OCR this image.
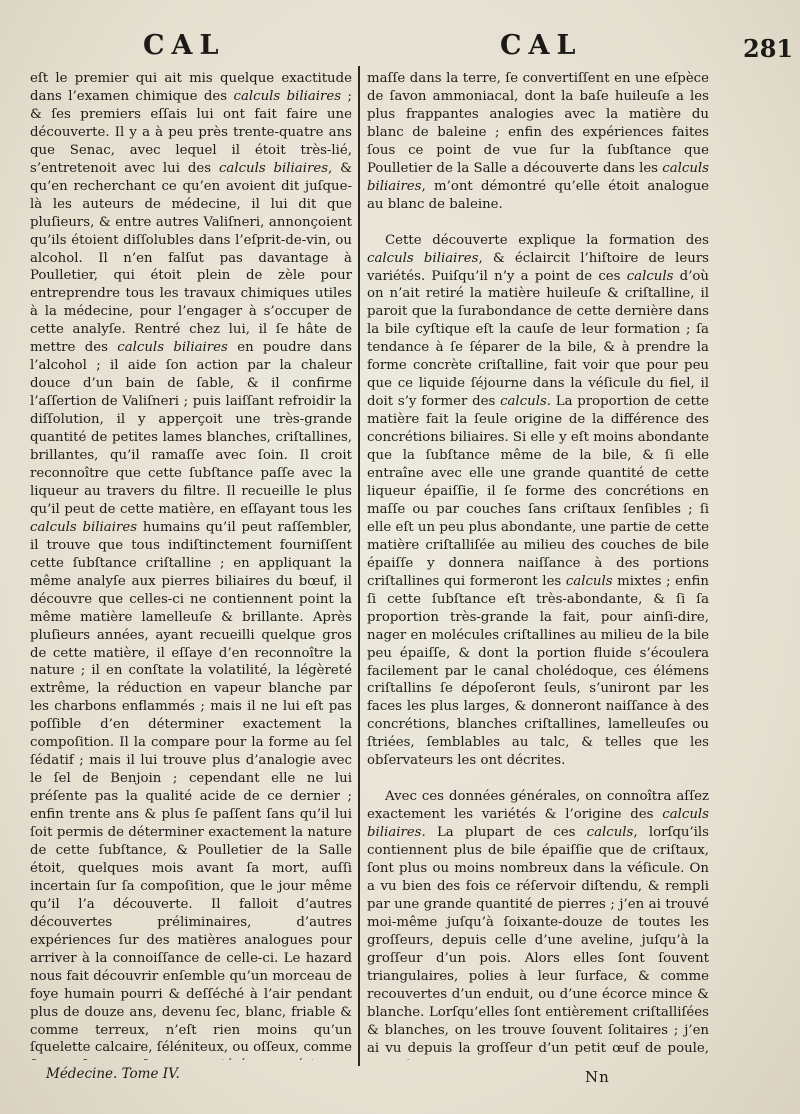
CAL	CAL	281

eſt le premier qui ait mis quelque exactitude dans l’examen chimique des calculs biliaires ; & ſes premiers eſſais lui ont fait faire une découverte. Il y a à peu près trente-quatre ans que Senac, avec lequel il étoit très-lié, s’entretenoit avec lui des calculs biliaires, & qu’en recherchant ce qu’en avoient dit juſque-là les auteurs de médecine, il lui dit que pluſieurs, & entre autres Valiſneri, annonçoient qu’ils étoient diſſolubles dans l’eſprit-de-vin, ou alcohol. Il n’en falſut pas davantage à Poulletier, qui étoit plein de zèle pour entreprendre tous les travaux chimiques utiles à la médecine, pour l’engager à s’occuper de cette analyſe. Rentré chez lui, il ſe hâte de mettre des calculs biliaires en poudre dans l’alcohol ; il aide ſon action par la chaleur douce d’un bain de ſable, & il confirme l’aſſertion de Valiſneri ; puis laiſſant refroidir la diſſolution, il y apperçoit une très-grande quantité de petites lames blanches, criſtallines, brillantes, qu’il ramaſſe avec ſoin. Il croit reconnoître que cette ſubſtance paſſe avec la liqueur au travers du filtre. Il recueille le plus qu’il peut de cette matière, en eſſayant tous les calculs biliaires humains qu’il peut raſſembler, il trouve que tous indiſtinctement fourniſſent cette ſubſtance criſtalline ; en appliquant la même analyſe aux pierres biliaires du bœuf, il découvre que celles-ci ne contiennent point la même matière lamelleuſe & brillante. Après pluſieurs années, ayant recueilli quelque gros de cette matière, il eſſaye d’en reconnoître la nature ; il en conſtate la volatilité, la légèreté extrême, la réduction en vapeur blanche par les charbons enflammés ; mais il ne lui eſt pas poſſible d’en déterminer exactement la compoſition. Il la compare pour la forme au ſel ſédatif ; mais il lui trouve plus d’analogie avec le ſel de Benjoin ; cependant elle ne lui préſente pas la qualité acide de ce dernier ; enfin trente ans & plus ſe paſſent ſans qu’il lui ſoit permis de déterminer exactement la nature de cette ſubſtance, & Poulletier de la Salle étoit, quelques mois avant ſa mort, auſſi incertain ſur ſa compoſition, que le jour même qu’il l’a découverte. Il falloit d’autres découvertes préliminaires, d’autres expériences ſur des matières analogues pour arriver à la connoiſſance de celle-ci. Le hazard nous fait découvrir enſemble qu’un morceau de foye humain pourri & deſſéché à l’air pendant plus de douze ans, devenu ſec, blanc, friable & comme terreux, n’eſt rien moins qu’un ſquelette calcaire, ſéléniteux, ou oſſeux, comme

maſſe dans la terre, ſe convertiſſent en une eſpèce de ſavon ammoniacal, dont la baſe huileuſe a les plus frappantes analogies avec la matière du blanc de baleine ; enfin des expériences faites ſous ce point de vue ſur la ſubſtance que Poulletier de la Salle a découverte dans les calculs biliaires, m’ont démontré qu’elle étoit analogue au blanc de baleine.

Cette découverte explique la formation des calculs biliaires, & éclaircit l’hiſtoire de leurs variétés. Puiſqu’il n’y a point de ces calculs d’où on n’ait retiré la matière huileuſe & criſtalline, il paroit que la ſurabondance de cette dernière dans la bile cyſtique eſt la cauſe de leur formation ; ſa tendance à ſe ſéparer de la bile, & à prendre la forme concrète criſtalline, fait voir que pour peu que ce liquide ſéjourne dans la véſicule du fiel, il doit s’y former des calculs. La proportion de cette matière fait la ſeule origine de la différence des concrétions biliaires. Si elle y eſt moins abondante que la ſubſtance même de la bile, & ſi elle entraîne avec elle une grande quantité de cette liqueur épaiſſie, il ſe forme des concrétions en maſſe ou par couches ſans criſtaux ſenſibles ; ſi elle eſt un peu plus abondante, une partie de cette matière criſtalliſée au milieu des couches de bile épaiſſe y donnera naiſſance à des portions criſtallines qui formeront les calculs mixtes ; enfin ſi cette ſubſtance eſt très-abondante, & ſi ſa proportion très-grande la fait, pour ainſi-dire, nager en molécules criſtallines au milieu de la bile peu épaiſſe, & dont la portion fluide s’écoulera facilement par le canal cholédoque, ces élémens criſtallins ſe dépoſeront ſeuls, s’uniront par les faces les plus larges, & donneront naiſſance à des concrétions, blanches criſtallines, lamelleuſes ou ſtriées, ſemblables au talc, & telles que les obſervateurs les ont décrites.

Avec ces données générales, on connoîtra aſſez exactement les variétés & l’origine des calculs biliaires. La plupart de ces calculs, lorſqu’ils contiennent plus de bile épaiſſie que de criſtaux, ſont plus ou moins nombreux dans la véſicule. On a vu bien des fois ce réſervoir diſtendu, & rempli par une grande quantité de pierres ; j’en ai trouvé moi-même juſqu’à ſoixante-douze de toutes les groſſeurs, depuis celle d’une aveline, juſqu’à la groſſeur d’un pois. Alors elles ſont ſouvent triangulaires, polies à leur ſurface, & comme recouvertes d’un enduit, ou d’une écorce mince & blanche. Lorſqu’elles ſont entièrement criſtalliſées & blanches, on les trouve ſouvent ſolitaires ; j’en ai vu depuis la groſſeur d’un petit œuf de poule,

Médecine. Tome IV.	Nn
